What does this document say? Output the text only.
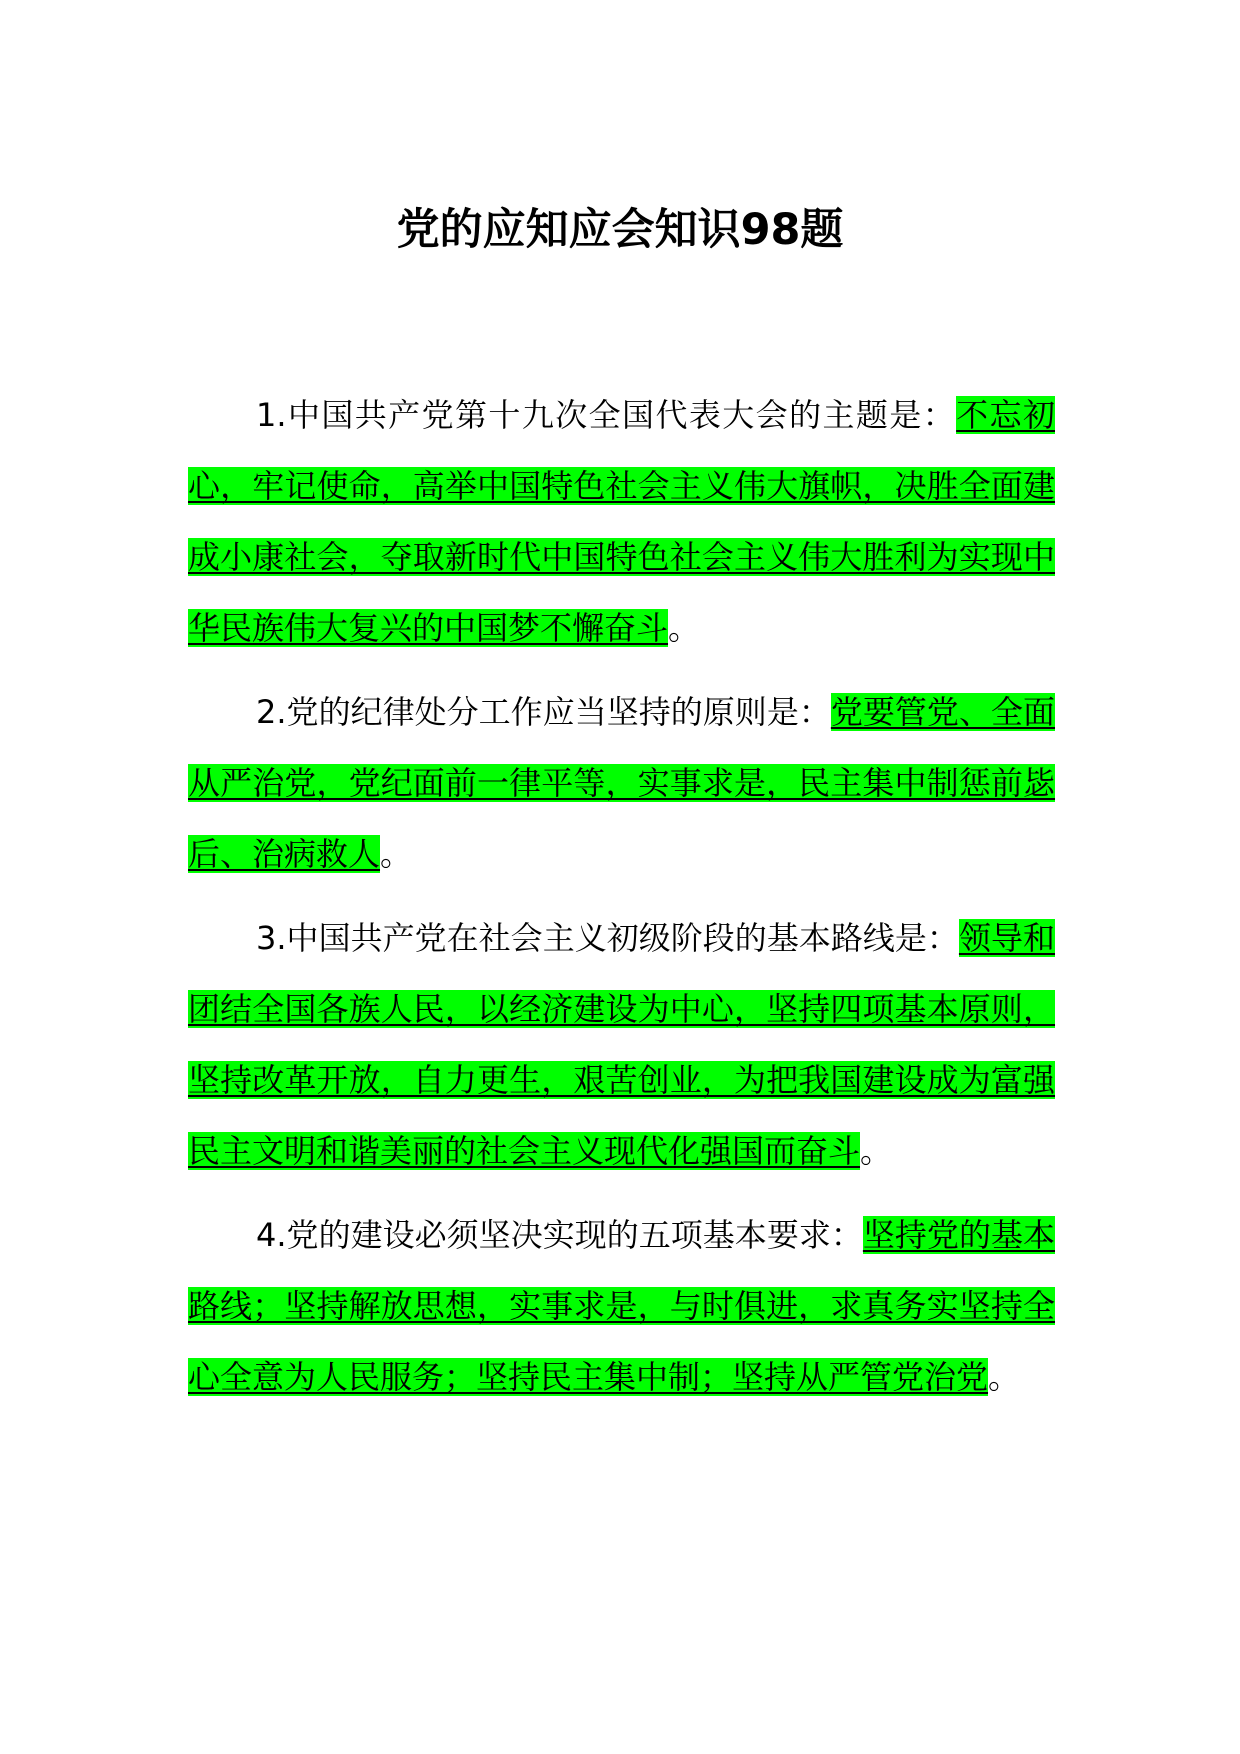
党的应知应会知识98题

1.中国共产党第十九次全国代表大会的主题是：不忘初心，牢记使命，高举中国特色社会主义伟大旗帜，决胜全面建成小康社会，夺取新时代中国特色社会主义伟大胜利为实现中华民族伟大复兴的中国梦不懈奋斗。

2.党的纪律处分工作应当坚持的原则是：党要管党、全面从严治党，党纪面前一律平等，实事求是，民主集中制惩前毖后、治病救人。

3.中国共产党在社会主义初级阶段的基本路线是：领导和团结全国各族人民，以经济建设为中心，坚持四项基本原则，坚持改革开放，自力更生，艰苦创业，为把我国建设成为富强民主文明和谐美丽的社会主义现代化强国而奋斗。

4.党的建设必须坚决实现的五项基本要求：坚持党的基本路线；坚持解放思想，实事求是，与时俱进，求真务实坚持全心全意为人民服务；坚持民主集中制；坚持从严管党治党。
